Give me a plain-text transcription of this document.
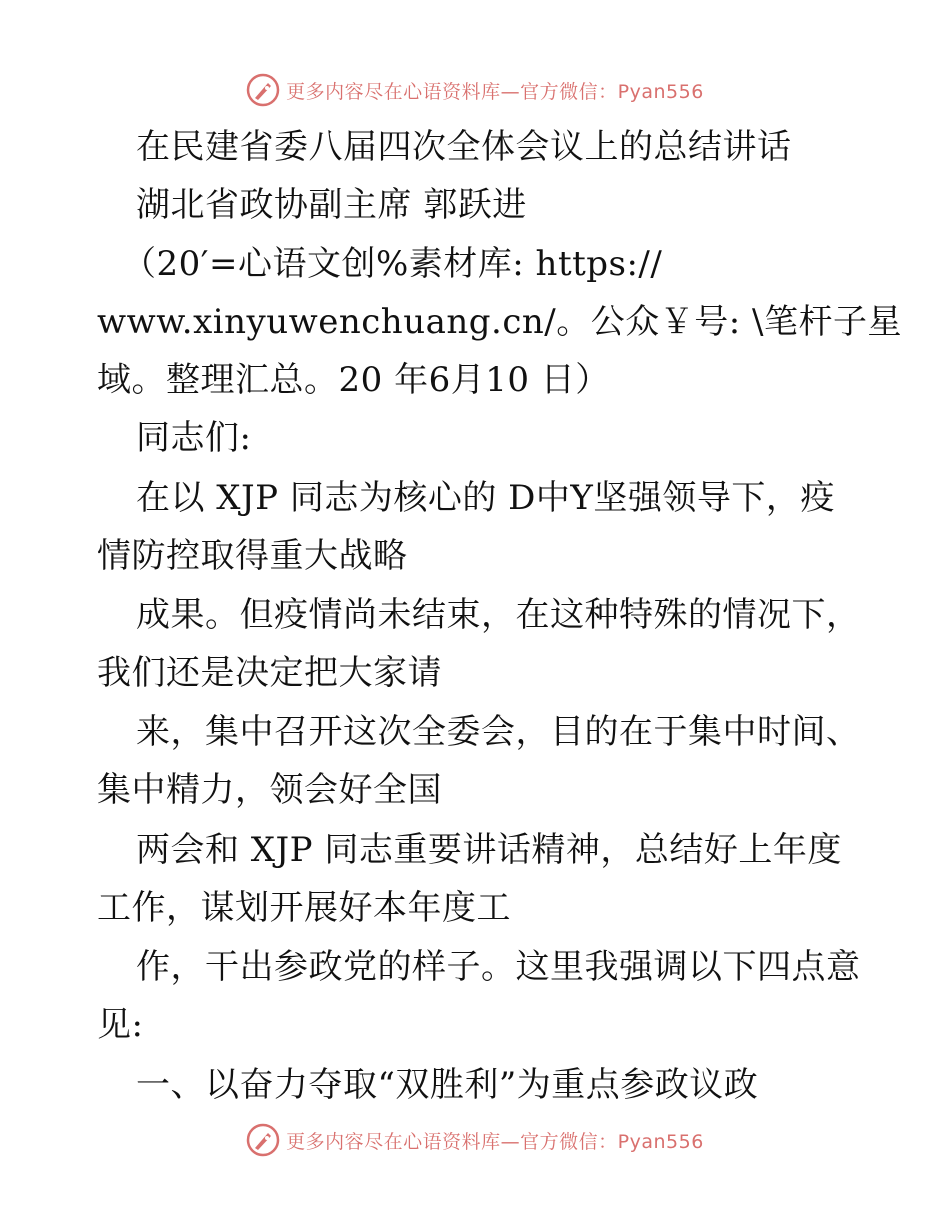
更多内容尽在心语资料库—官方微信：Pyan556
在民建省委八届四次全体会议上的总结讲话
湖北省政协副主席 郭跃进
（20′=心语文创%素材库: https://
www.xinyuwenchuang.cn/。公众￥号: \笔杆子星
域。整理汇总。20 年6月10 日）
同志们:
在以 XJP 同志为核心的 D中Y坚强领导下，疫
情防控取得重大战略
成果。但疫情尚未结束，在这种特殊的情况下，
我们还是决定把大家请
来，集中召开这次全委会，目的在于集中时间、
集中精力，领会好全国
两会和 XJP 同志重要讲话精神，总结好上年度
工作，谋划开展好本年度工
作，干出参政党的样子。这里我强调以下四点意
见:
一、以奋力夺取“双胜利”为重点参政议政
更多内容尽在心语资料库—官方微信：Pyan556
